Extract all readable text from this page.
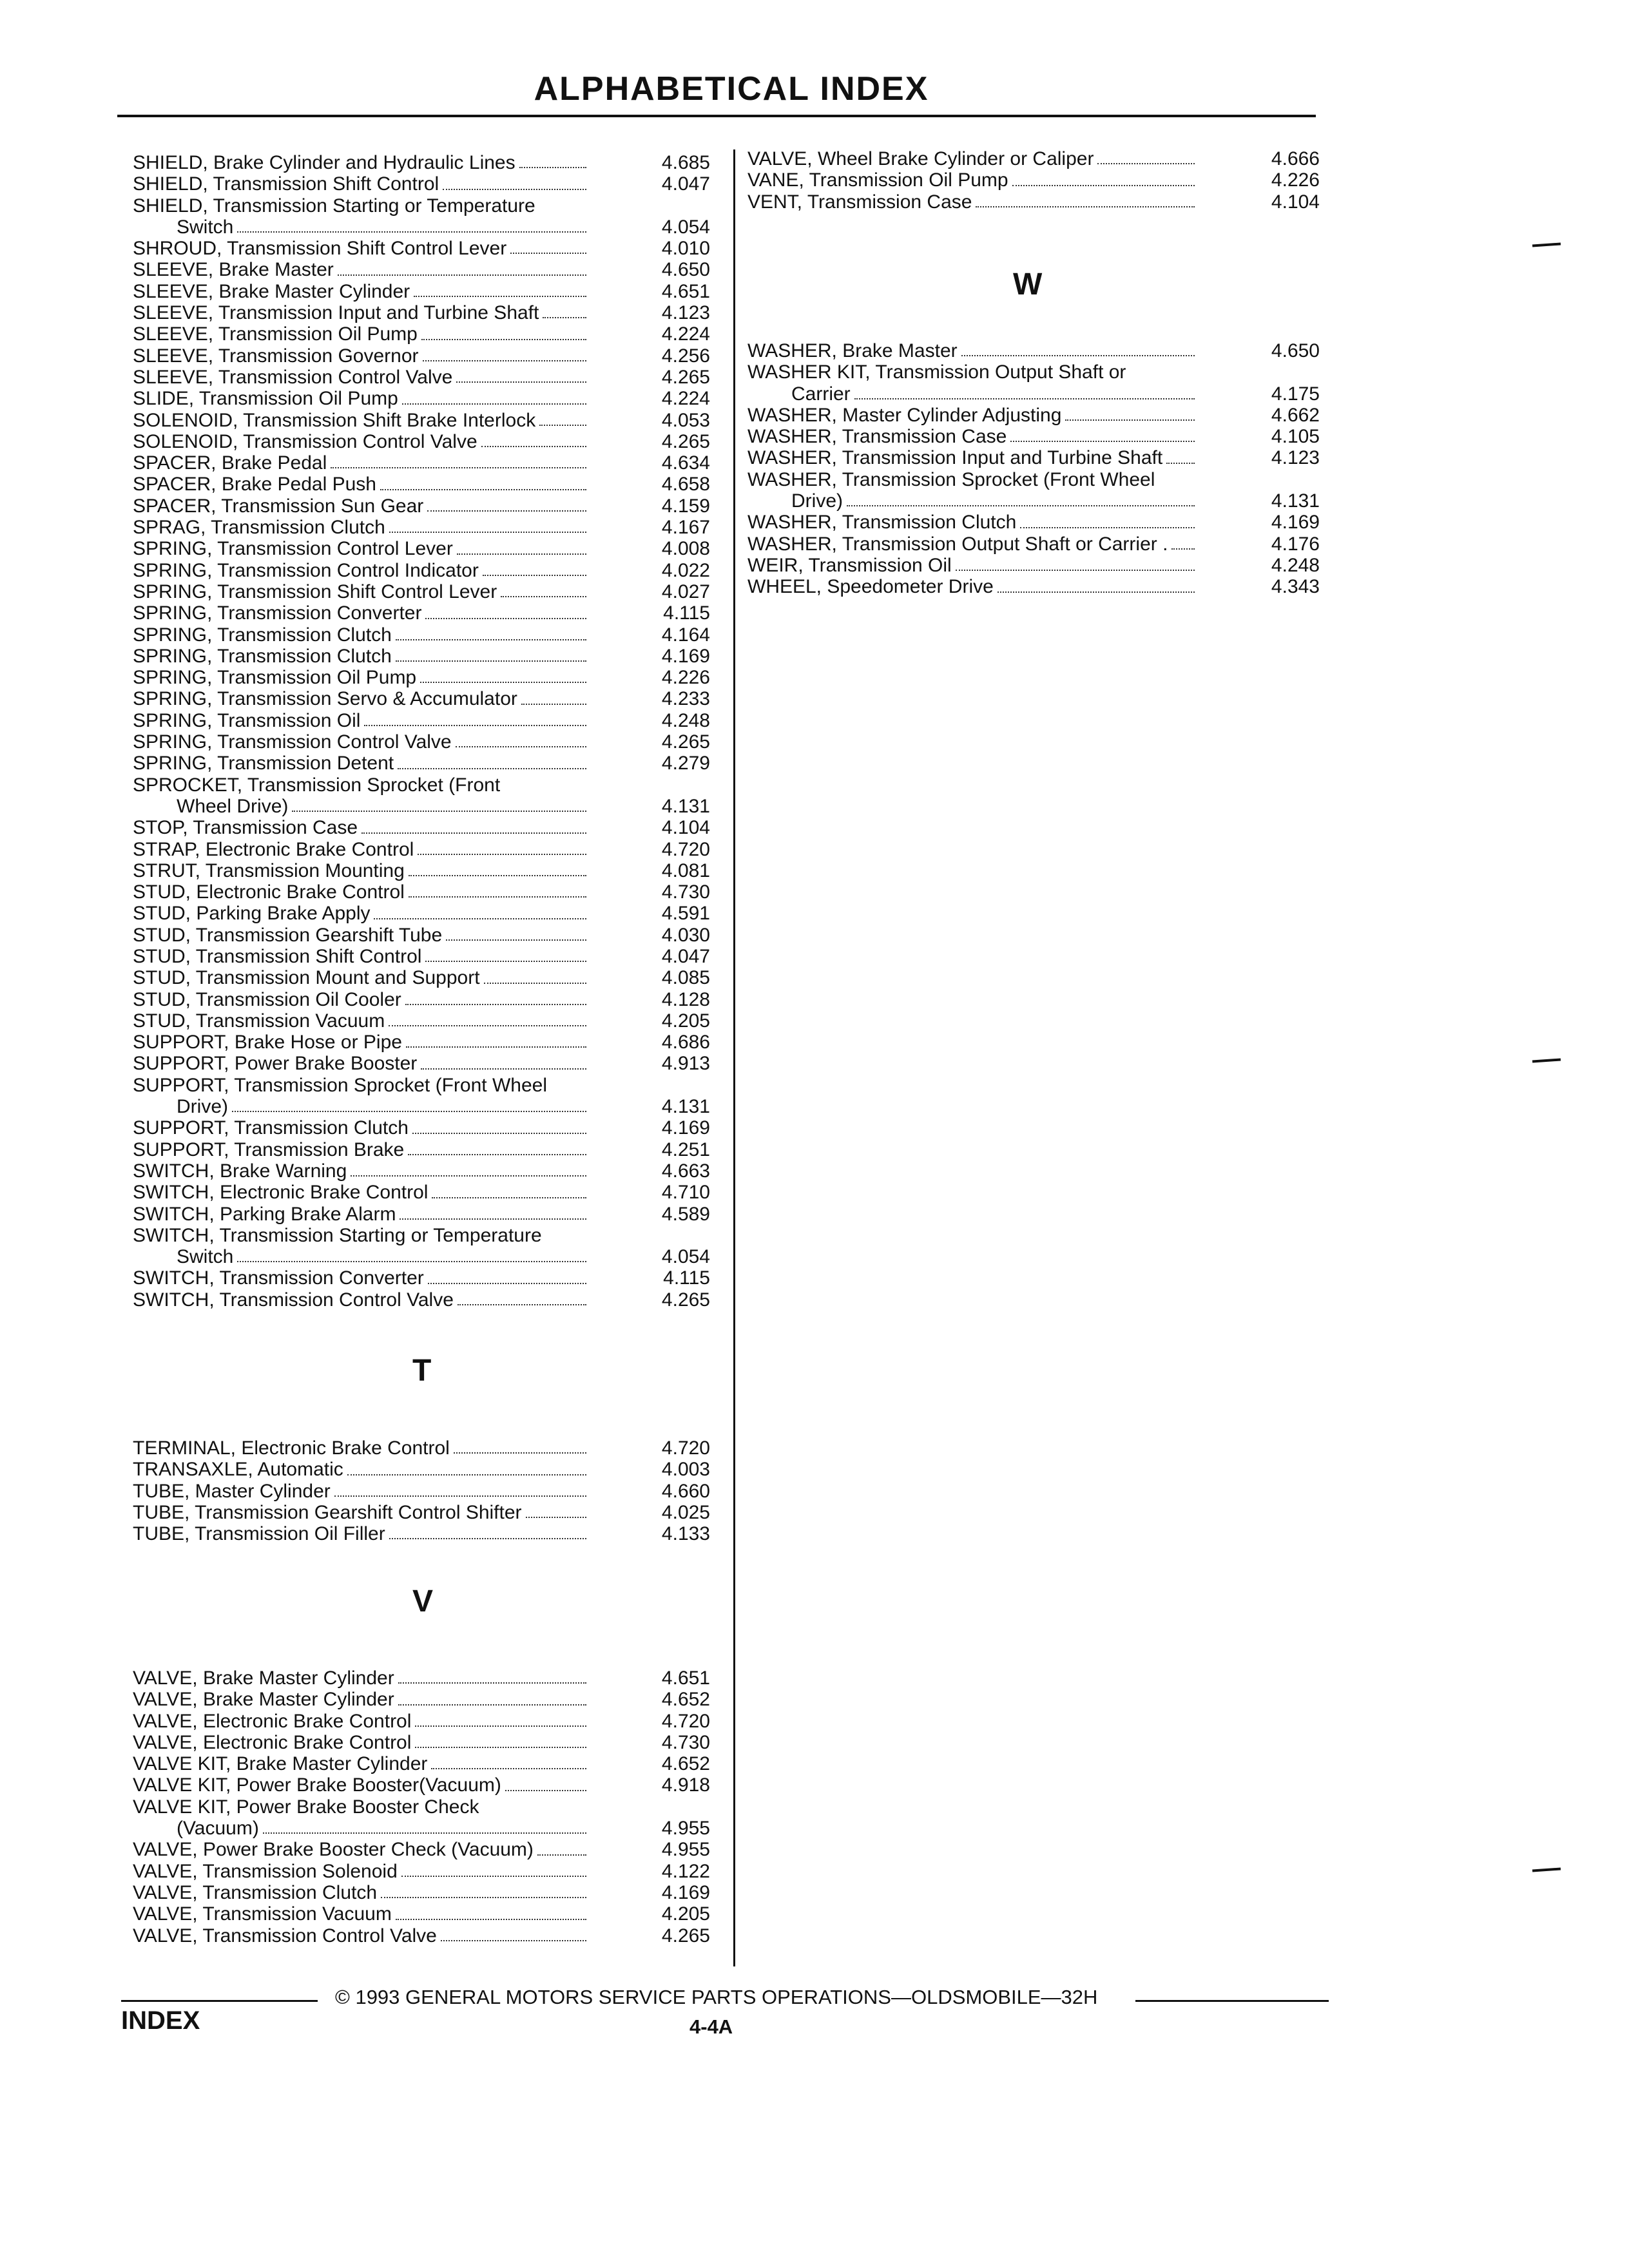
ALPHABETICAL INDEX
SHIELD, Brake Cylinder and Hydraulic Lines	4.685
SHIELD, Transmission Shift Control	4.047
SHIELD, Transmission Starting or Temperature
Switch	4.054
SHROUD, Transmission Shift Control Lever	4.010
SLEEVE, Brake Master	4.650
SLEEVE, Brake Master Cylinder	4.651
SLEEVE, Transmission Input and Turbine Shaft	4.123
SLEEVE, Transmission Oil Pump	4.224
SLEEVE, Transmission Governor	4.256
SLEEVE, Transmission Control Valve	4.265
SLIDE, Transmission Oil Pump	4.224
SOLENOID, Transmission Shift Brake Interlock	4.053
SOLENOID, Transmission Control Valve	4.265
SPACER, Brake Pedal	4.634
SPACER, Brake Pedal Push	4.658
SPACER, Transmission Sun Gear	4.159
SPRAG, Transmission Clutch	4.167
SPRING, Transmission Control Lever	4.008
SPRING, Transmission Control Indicator	4.022
SPRING, Transmission Shift Control Lever	4.027
SPRING, Transmission Converter	4.115
SPRING, Transmission Clutch	4.164
SPRING, Transmission Clutch	4.169
SPRING, Transmission Oil Pump	4.226
SPRING, Transmission Servo & Accumulator	4.233
SPRING, Transmission Oil	4.248
SPRING, Transmission Control Valve	4.265
SPRING, Transmission Detent	4.279
SPROCKET, Transmission Sprocket (Front
Wheel Drive)	4.131
STOP, Transmission Case	4.104
STRAP, Electronic Brake Control	4.720
STRUT, Transmission Mounting	4.081
STUD, Electronic Brake Control	4.730
STUD, Parking Brake Apply	4.591
STUD, Transmission Gearshift Tube	4.030
STUD, Transmission Shift Control	4.047
STUD, Transmission Mount and Support	4.085
STUD, Transmission Oil Cooler	4.128
STUD, Transmission Vacuum	4.205
SUPPORT, Brake Hose or Pipe	4.686
SUPPORT, Power Brake Booster	4.913
SUPPORT, Transmission Sprocket (Front Wheel
Drive)	4.131
SUPPORT, Transmission Clutch	4.169
SUPPORT, Transmission Brake	4.251
SWITCH, Brake Warning	4.663
SWITCH, Electronic Brake Control	4.710
SWITCH, Parking Brake Alarm	4.589
SWITCH, Transmission Starting or Temperature
Switch	4.054
SWITCH, Transmission Converter	4.115
SWITCH, Transmission Control Valve	4.265
T
TERMINAL, Electronic Brake Control	4.720
TRANSAXLE, Automatic	4.003
TUBE, Master Cylinder	4.660
TUBE, Transmission Gearshift Control Shifter	4.025
TUBE, Transmission Oil Filler	4.133
V
VALVE, Brake Master Cylinder	4.651
VALVE, Brake Master Cylinder	4.652
VALVE, Electronic Brake Control	4.720
VALVE, Electronic Brake Control	4.730
VALVE KIT, Brake Master Cylinder	4.652
VALVE KIT, Power Brake Booster(Vacuum)	4.918
VALVE KIT, Power Brake Booster Check
(Vacuum)	4.955
VALVE, Power Brake Booster Check (Vacuum)	4.955
VALVE, Transmission Solenoid	4.122
VALVE, Transmission Clutch	4.169
VALVE, Transmission Vacuum	4.205
VALVE, Transmission Control Valve	4.265
VALVE, Wheel Brake Cylinder or Caliper	4.666
VANE, Transmission Oil Pump	4.226
VENT, Transmission Case	4.104
W
WASHER, Brake Master	4.650
WASHER KIT, Transmission Output Shaft or
Carrier	4.175
WASHER, Master Cylinder Adjusting	4.662
WASHER, Transmission Case	4.105
WASHER, Transmission Input and Turbine Shaft	4.123
WASHER, Transmission Sprocket (Front Wheel
Drive)	4.131
WASHER, Transmission Clutch	4.169
WASHER, Transmission Output Shaft or Carrier .	4.176
WEIR, Transmission Oil	4.248
WHEEL, Speedometer Drive	4.343
© 1993 GENERAL MOTORS SERVICE PARTS OPERATIONS—OLDSMOBILE—32H
INDEX	4-4A
